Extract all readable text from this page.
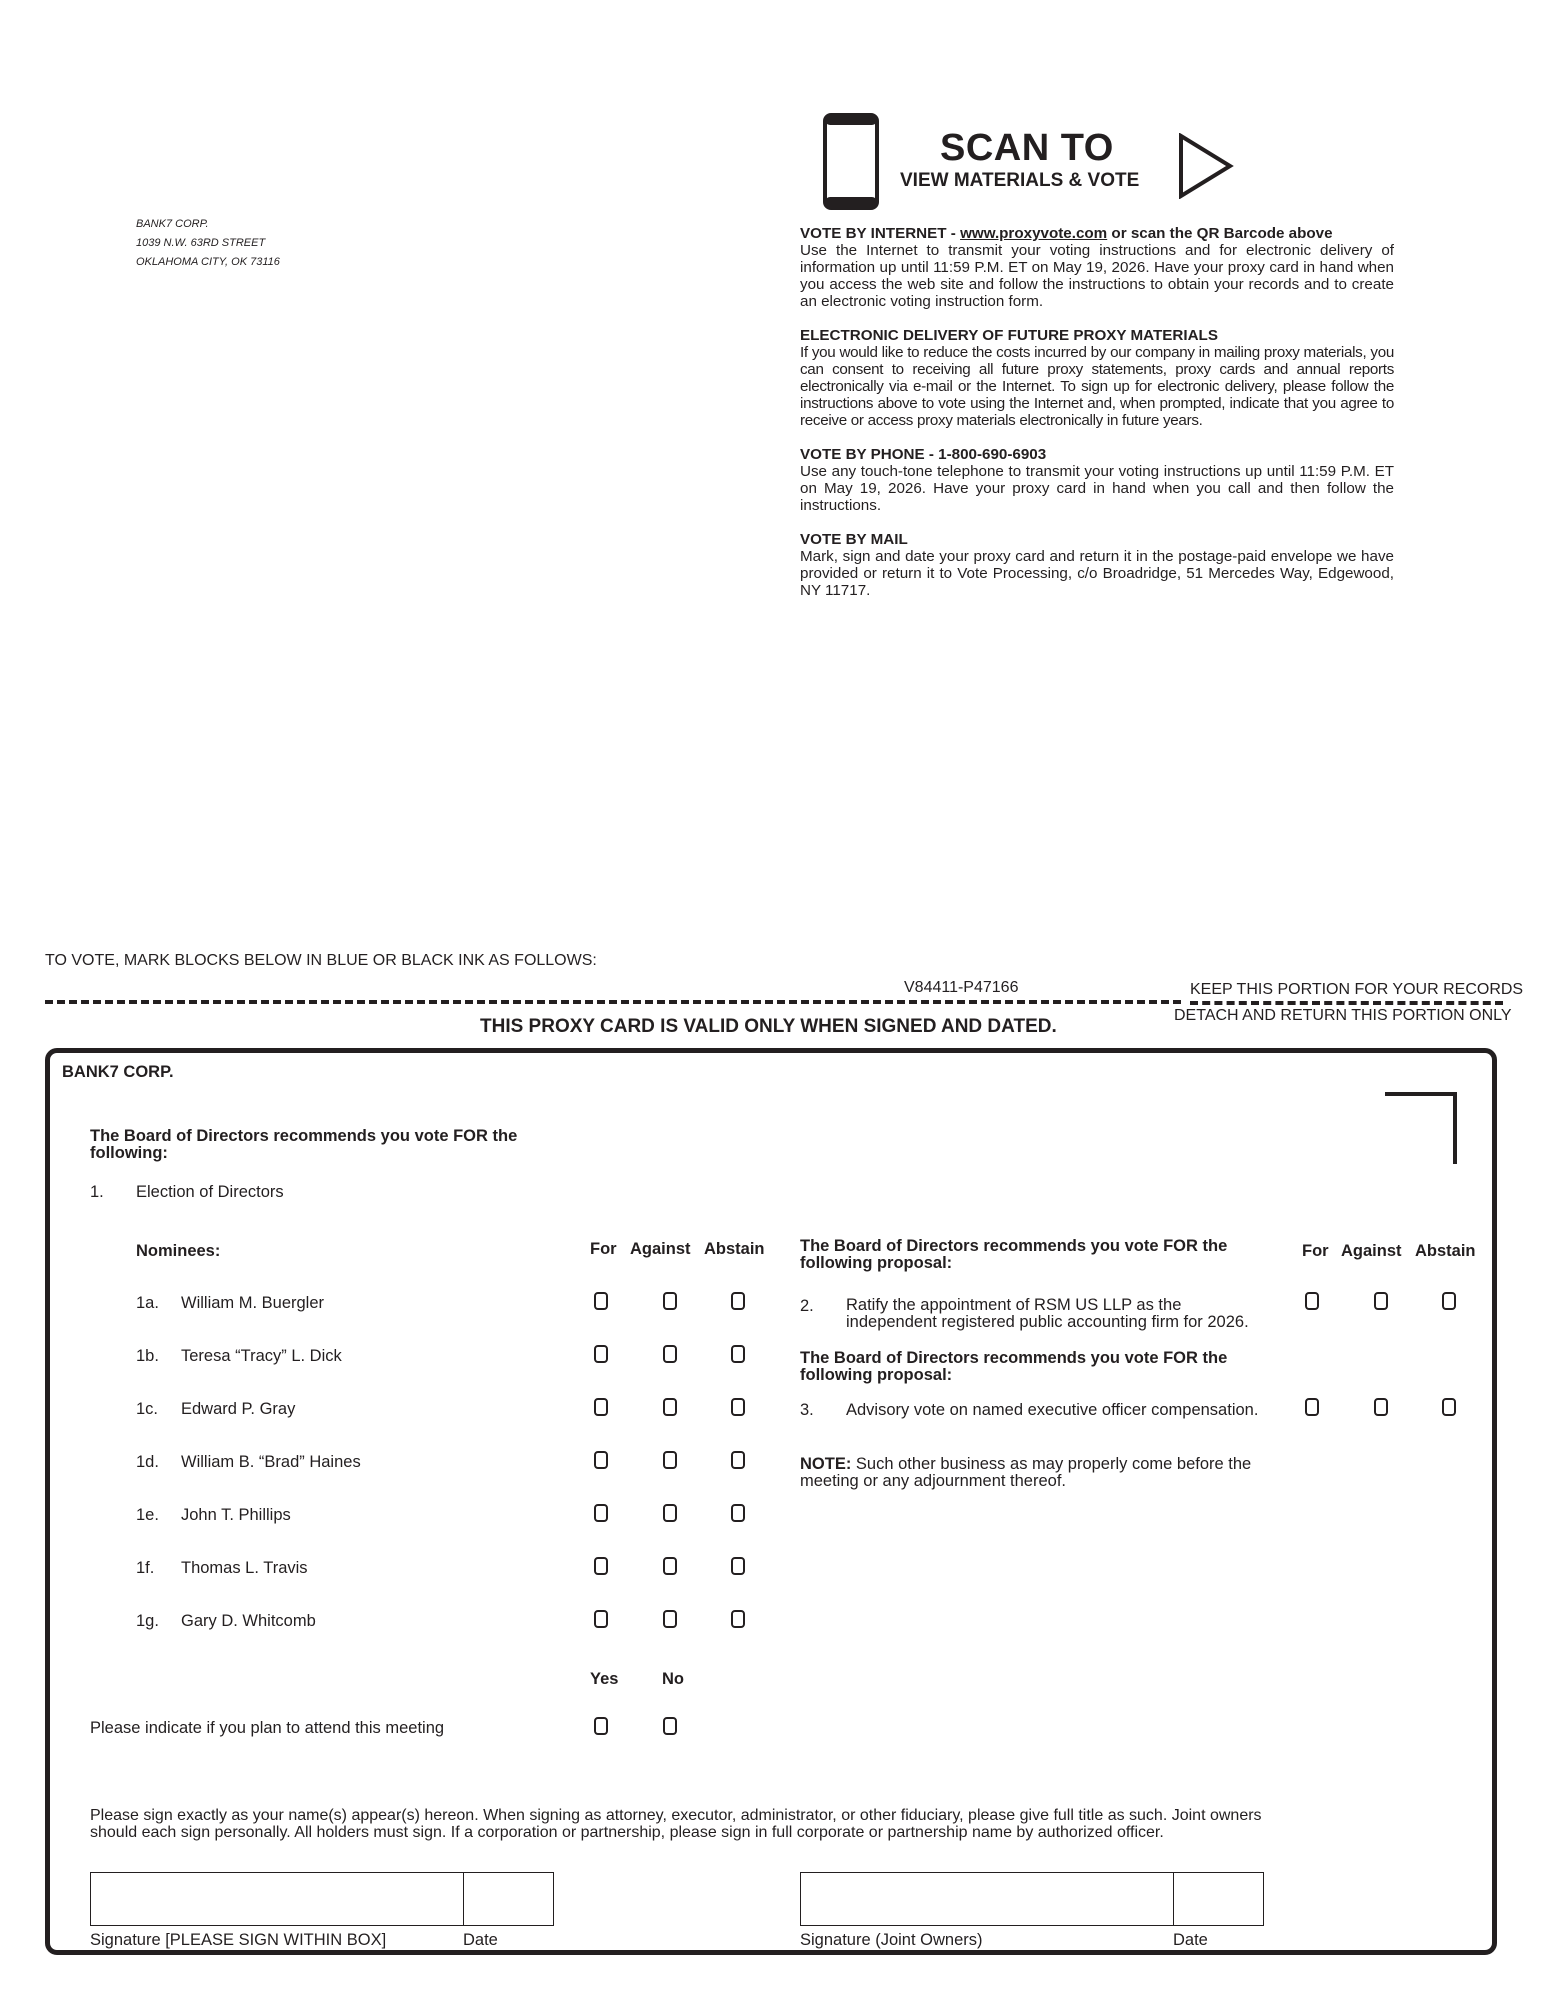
BANK7 CORP.
1039 N.W. 63RD STREET
OKLAHOMA CITY, OK 73116
SCAN TO
VIEW MATERIALS & VOTE
VOTE BY INTERNET - www.proxyvote.com or scan the QR Barcode above

Use the Internet to transmit your voting instructions and for electronic delivery of information up until 11:59 P.M. ET on May 19, 2026. Have your proxy card in hand when you access the web site and follow the instructions to obtain your records and to create an electronic voting instruction form.

ELECTRONIC DELIVERY OF FUTURE PROXY MATERIALS

If you would like to reduce the costs incurred by our company in mailing proxy materials, you can consent to receiving all future proxy statements, proxy cards and annual reports electronically via e-mail or the Internet. To sign up for electronic delivery, please follow the instructions above to vote using the Internet and, when prompted, indicate that you agree to receive or access proxy materials electronically in future years.

VOTE BY PHONE - 1-800-690-6903

Use any touch-tone telephone to transmit your voting instructions up until 11:59 P.M. ET on May 19, 2026. Have your proxy card in hand when you call and then follow the instructions.

VOTE BY MAIL

Mark, sign and date your proxy card and return it in the postage-paid envelope we have provided or return it to Vote Processing, c/o Broadridge, 51 Mercedes Way, Edgewood, NY 11717.

TO VOTE, MARK BLOCKS BELOW IN BLUE OR BLACK INK AS FOLLOWS:
V84411-P47166	KEEP THIS PORTION FOR YOUR RECORDS
DETACH AND RETURN THIS PORTION ONLY
THIS PROXY CARD IS VALID ONLY WHEN SIGNED AND DATED.
BANK7 CORP.
The Board of Directors recommends you vote FOR the following:
1. Election of Directors
Nominees:	For Against Abstain
1a. William M. Buergler
1b. Teresa “Tracy” L. Dick
1c. Edward P. Gray
1d. William B. “Brad” Haines
1e. John T. Phillips
1f. Thomas L. Travis
1g. Gary D. Whitcomb
Yes	No
Please indicate if you plan to attend this meeting
The Board of Directors recommends you vote FOR the following proposal:
For Against Abstain
2. Ratify the appointment of RSM US LLP as the independent registered public accounting firm for 2026.
The Board of Directors recommends you vote FOR the following proposal:
3. Advisory vote on named executive officer compensation.
NOTE: Such other business as may properly come before the meeting or any adjournment thereof.
Please sign exactly as your name(s) appear(s) hereon. When signing as attorney, executor, administrator, or other fiduciary, please give full title as such. Joint owners should each sign personally. All holders must sign. If a corporation or partnership, please sign in full corporate or partnership name by authorized officer.
Signature [PLEASE SIGN WITHIN BOX]	Date	Signature (Joint Owners)	Date
